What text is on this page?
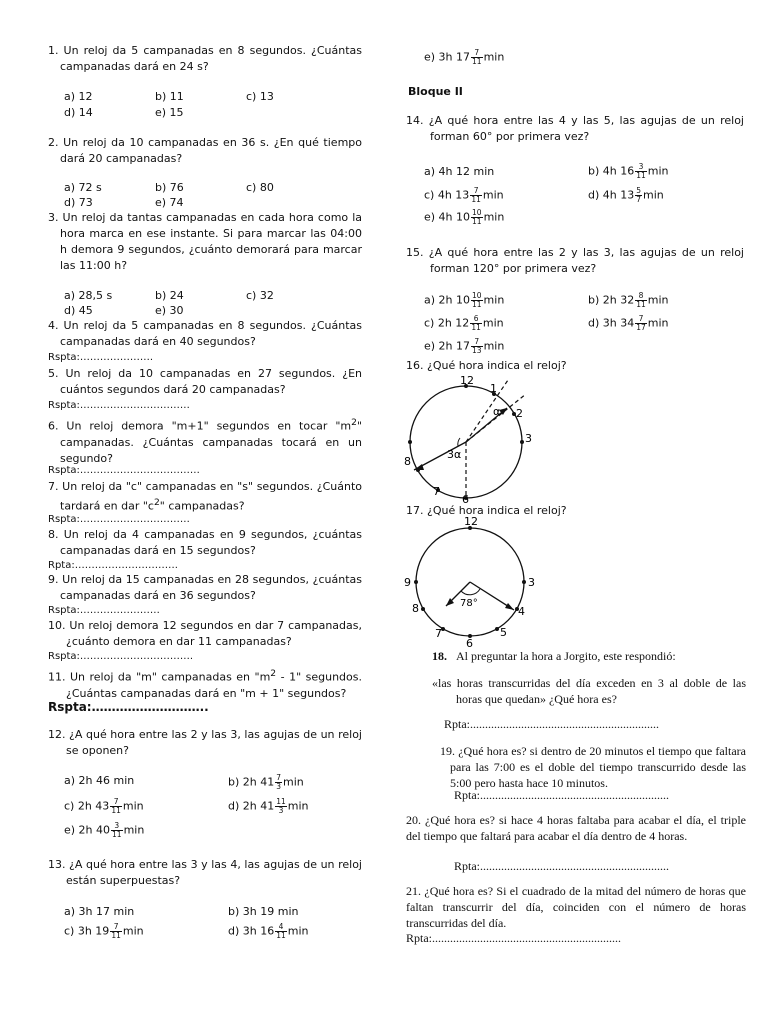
1. Un reloj da 5 campanadas en 8 segundos. ¿Cuántas campanadas dará en 24 s?
a) 12	b) 11	c) 13
d) 14	e) 15
2. Un reloj da 10 campanadas en 36 s. ¿En qué tiempo dará 20 campanadas?
a) 72 s	b) 76	c) 80
d) 73	e) 74
3. Un reloj da tantas campanadas en cada hora como la hora marca en ese instante. Si para marcar las 04:00 h demora 9 segundos, ¿cuánto demorará para marcar las 11:00 h?
a) 28,5 s	b) 24	c) 32
d) 45	e) 30
4. Un reloj da 5 campanadas en 8 segundos. ¿Cuántas campanadas dará en 40 segundos?
Rspta:………………….
5. Un reloj da 10 campanadas en 27 segundos. ¿En cuántos segundos dará 20 campanadas?
Rspta:……………………………
6. Un reloj demora "m+1" segundos en tocar "$m^2$" campanadas. ¿Cuántas campanadas tocará en un segundo?
Rspta:………………………………
7. Un reloj da "c" campanadas en "s" segundos. ¿Cuánto tardará en dar "$c^2$" campanadas?
Rspta:……………………………
8. Un reloj da 4 campanadas en 9 segundos, ¿cuántas campanadas dará en 15 segundos?
Rpta:………………………….
9. Un reloj da 15 campanadas en 28 segundos, ¿cuántas campanadas dará en 36 segundos?
Rspta:……………………
10. Un reloj demora 12 segundos en dar 7 campanadas, ¿cuánto demora en dar 11 campanadas?
Rspta:…………………………….
11. Un reloj da "m" campanadas en "$m^2 - 1$" segundos. ¿Cuántas campanadas dará en "m + 1" segundos?
Rspta:………………………..
12. ¿A qué hora entre las 2 y las 3, las agujas de un reloj se oponen?
a) 2h 46 min	b) 2h $41 \frac{7}{3}$ min
c) 2h $43 \frac{7}{11}$ min	d) 2h $41 \frac{11}{3}$ min
e) 2h $40 \frac{3}{11}$ min
13. ¿A qué hora entre las 3 y las 4, las agujas de un reloj están superpuestas?
a) 3h 17 min	b) 3h 19 min
c) 3h $19 \frac{7}{11}$ min	d) 3h $16 \frac{4}{11}$ min
e) 3h $17 \frac{7}{11}$ min
Bloque II
14. ¿A qué hora entre las 4 y las 5, las agujas de un reloj forman 60° por primera vez?
a) 4h 12 min	b) 4h $16 \frac{3}{11}$ min
c) 4h $13 \frac{7}{11}$ min	d) 4h $13 \frac{5}{7}$ min
e) 4h $10 \frac{10}{11}$ min
15. ¿A qué hora entre las 2 y las 3, las agujas de un reloj forman 120° por primera vez?
a) 2h $10 \frac{10}{11}$ min	b) 2h $32 \frac{8}{11}$ min
c) 2h $12 \frac{6}{11}$ min	d) 3h $34 \frac{7}{17}$ min
e) 2h $17 \frac{7}{13}$ min
16. ¿Qué hora indica el reloj?
12
1
2
3
6
7
8
α
3α
17. ¿Qué hora indica el reloj?
12
3
4
5
6
7
8
9
78°
18. Al preguntar la hora a Jorgito, este respondió:
«las horas transcurridas del día exceden en 3 al doble de las horas que quedan» ¿Qué hora es?
Rpta:...............................................................
19. ¿Qué hora es? si dentro de 20 minutos el tiempo que faltara para las 7:00 es el doble del tiempo transcurrido desde las 5:00 pero hasta hace 10 minutos.
Rpta:...............................................................
20. ¿Qué hora es? si hace 4 horas faltaba para acabar el día, el triple del tiempo que faltará para acabar el día dentro de 4 horas.
Rpta:...............................................................
21. ¿Qué hora es? Si el cuadrado de la mitad del número de horas que faltan transcurrir del día, coinciden con el número de horas transcurridas del día.
Rpta:...............................................................
